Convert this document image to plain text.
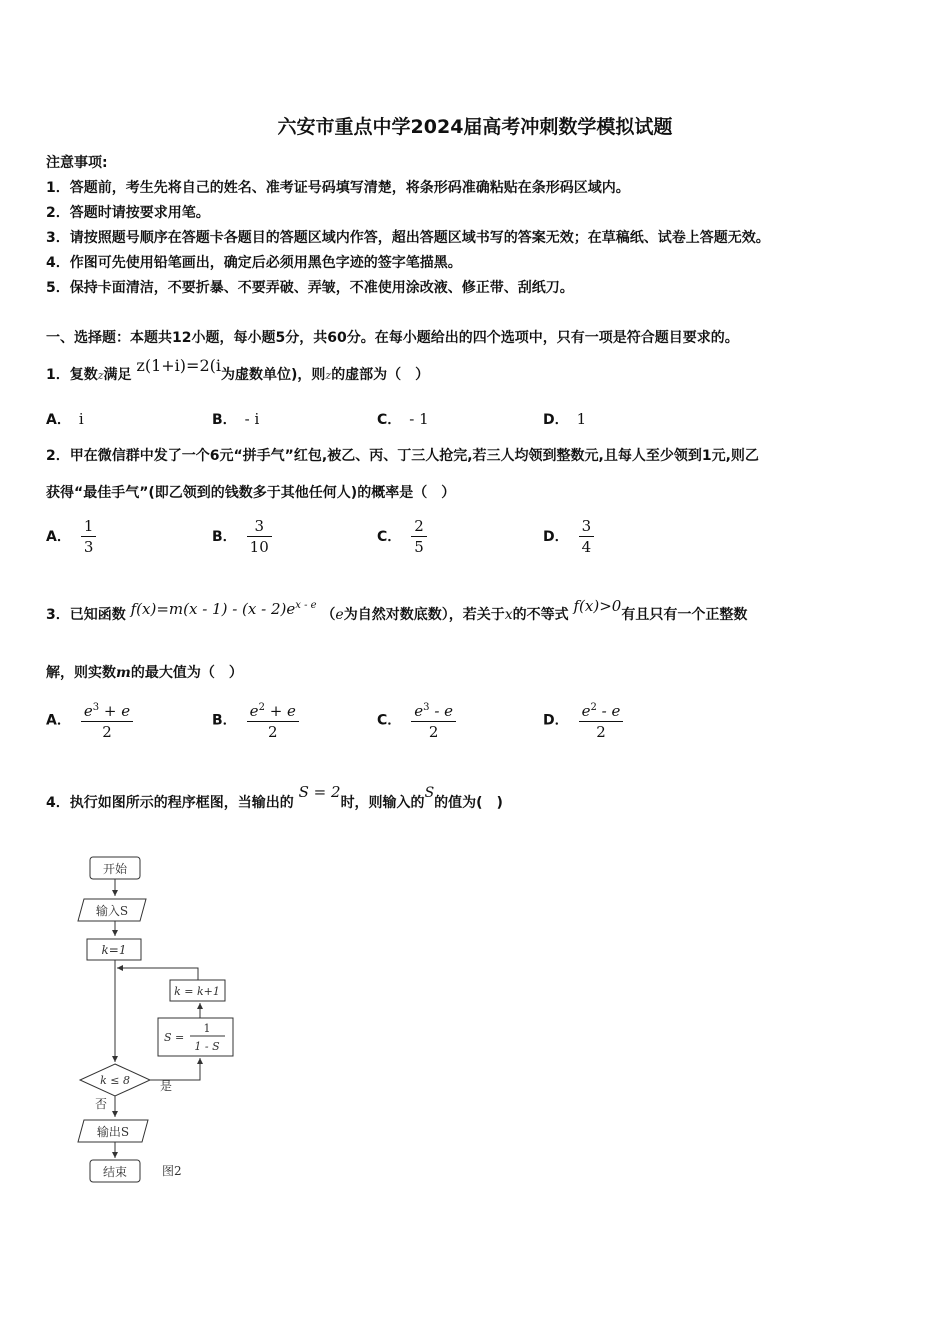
六安市重点中学2024届高考冲刺数学模拟试题
注意事项:
1．答题前，考生先将自己的姓名、准考证号码填写清楚，将条形码准确粘贴在条形码区域内。
2．答题时请按要求用笔。
3．请按照题号顺序在答题卡各题目的答题区域内作答，超出答题区域书写的答案无效；在草稿纸、试卷上答题无效。
4．作图可先使用铅笔画出，确定后必须用黑色字迹的签字笔描黑。
5．保持卡面清洁，不要折暴、不要弄破、弄皱，不准使用涂改液、修正带、刮纸刀。
一、选择题：本题共12小题，每小题5分，共60分。在每小题给出的四个选项中，只有一项是符合题目要求的。
1．复数z满足 z(1+i)=2(i为虚数单位)，则z的虚部为（　）
A． i	B． - i	C． - 1	D． 1
2．甲在微信群中发了一个6元“拼手气”红包,被乙、丙、丁三人抢完,若三人均领到整数元,且每人至少领到1元,则乙
获得“最佳手气”(即乙领到的钱数多于其他任何人)的概率是（　）
A． $\frac{1}{3}$	B． $\frac{3}{10}$	C． $\frac{2}{5}$	D． $\frac{3}{4}$
3．已知函数 $f(x)=m(x - 1) - (x - 2)e^{x - e}$ （e为自然对数底数），若关于x的不等式 f(x)>0有且只有一个正整数
解，则实数m的最大值为（　）
A． $\frac{e^3 + e}{2}$	B． $\frac{e^2 + e}{2}$	C． $\frac{e^3 - e}{2}$	D． $\frac{e^2 - e}{2}$
4．执行如图所示的程序框图，当输出的 S = 2时，则输入的S的值为(　)
开始
输入S
k=1
k = k+1
S =
1
1 - S
k ≤ 8	是
否
输出S
结束	图2
